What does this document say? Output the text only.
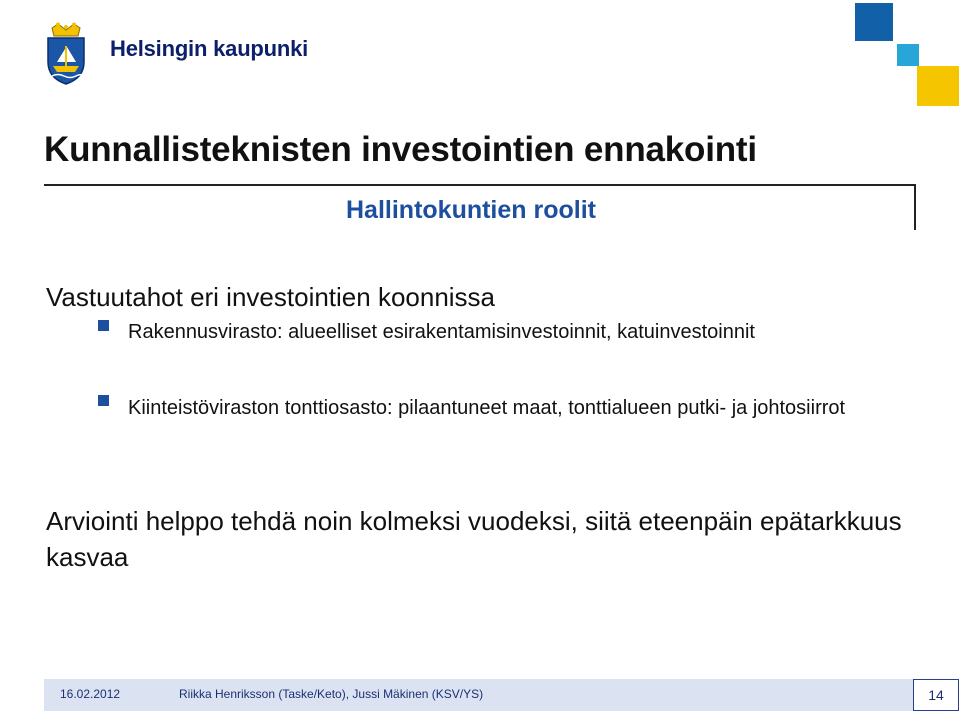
Helsingin kaupunki
Kunnallisteknisten investointien ennakointi
Hallintokuntien roolit
Vastuutahot eri investointien koonnissa
Rakennusvirasto: alueelliset esirakentamisinvestoinnit, katuinvestoinnit
Kiinteistöviraston tonttiosasto: pilaantuneet maat, tonttialueen putki- ja johtosiirrot
Arviointi helppo tehdä noin kolmeksi vuodeksi, siitä eteenpäin epätarkkuus kasvaa
16.02.2012	Riikka Henriksson (Taske/Keto), Jussi Mäkinen (KSV/YS)	14
